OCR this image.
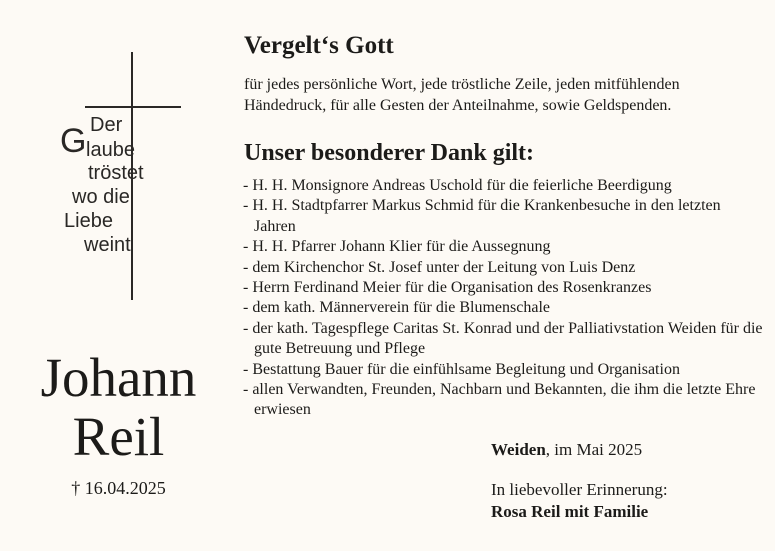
G Der
laube
tröstet
wo die
Liebe
weint
Johann
Reil
† 16.04.2025
Vergelt‘s Gott
für jedes persönliche Wort, jede tröstliche Zeile, jeden mitfühlenden Händedruck, für alle Gesten der Anteilnahme, sowie Geldspenden.
Unser besonderer Dank gilt:
- H. H. Monsignore Andreas Uschold für die feierliche Beerdigung
- H. H. Stadtpfarrer Markus Schmid für die Krankenbesuche in den letzten Jahren
- H. H. Pfarrer Johann Klier für die Aussegnung
- dem Kirchenchor St. Josef unter der Leitung von Luis Denz
- Herrn Ferdinand Meier für die Organisation des Rosenkranzes
- dem kath. Männerverein für die Blumenschale
- der kath. Tagespflege Caritas St. Konrad und der Palliativstation Weiden für die gute Betreuung und Pflege
- Bestattung Bauer für die einfühlsame Begleitung und Organisation
- allen Verwandten, Freunden, Nachbarn und Bekannten, die ihm die letzte Ehre erwiesen
Weiden, im Mai 2025
In liebevoller Erinnerung:
Rosa Reil mit Familie
